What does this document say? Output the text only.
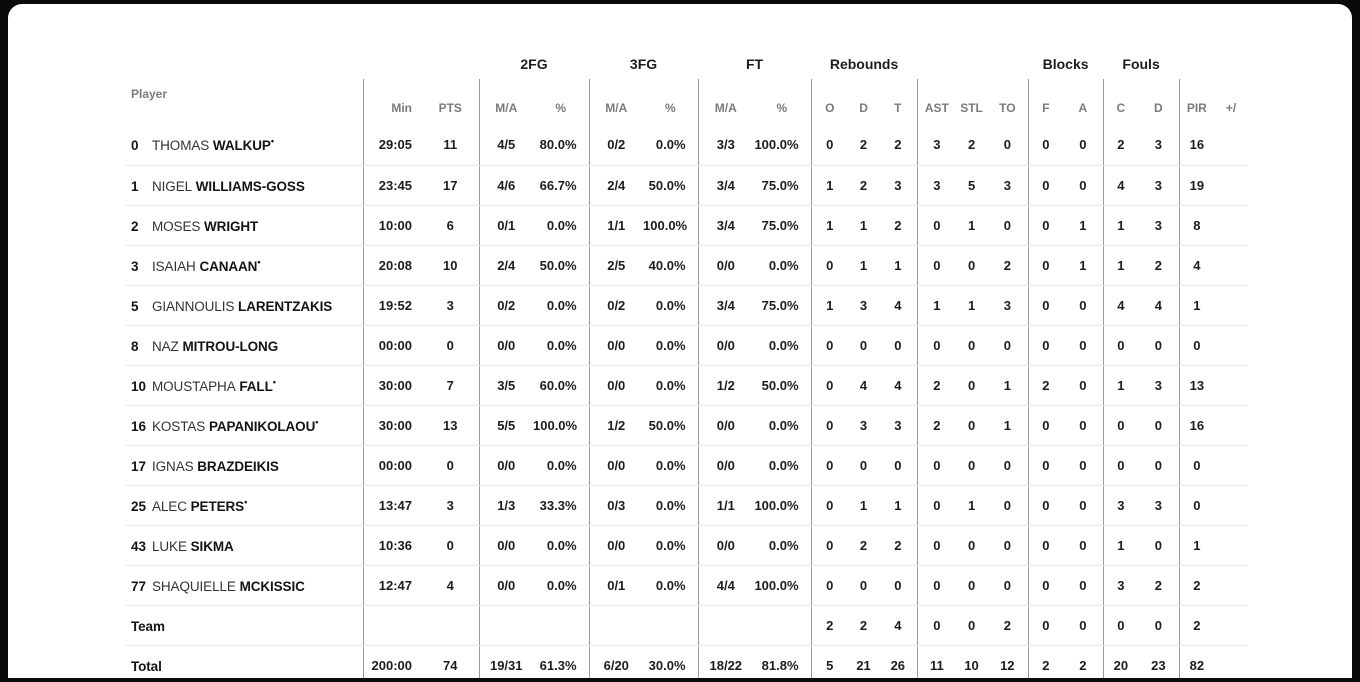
			2FG		3FG		FT		Rebounds						Blocks		Fouls			
Player	Min	PTS	M/A	%	M/A	%	M/A	%	O	D	T	AST	STL	TO	F	A	C	D	PIR	+/
0 THOMAS WALKUP•	29:05	11	4/5	80.0%	0/2	0.0%	3/3	100.0%	0	2	2	3	2	0	0	0	2	3	16	
1 NIGEL WILLIAMS-GOSS	23:45	17	4/6	66.7%	2/4	50.0%	3/4	75.0%	1	2	3	3	5	3	0	0	4	3	19	
2 MOSES WRIGHT	10:00	6	0/1	0.0%	1/1	100.0%	3/4	75.0%	1	1	2	0	1	0	0	1	1	3	8	
3 ISAIAH CANAAN•	20:08	10	2/4	50.0%	2/5	40.0%	0/0	0.0%	0	1	1	0	0	2	0	1	1	2	4	
5 GIANNOULIS LARENTZAKIS	19:52	3	0/2	0.0%	0/2	0.0%	3/4	75.0%	1	3	4	1	1	3	0	0	4	4	1	
8 NAZ MITROU-LONG	00:00	0	0/0	0.0%	0/0	0.0%	0/0	0.0%	0	0	0	0	0	0	0	0	0	0	0	
10 MOUSTAPHA FALL•	30:00	7	3/5	60.0%	0/0	0.0%	1/2	50.0%	0	4	4	2	0	1	2	0	1	3	13	
16 KOSTAS PAPANIKOLAOU•	30:00	13	5/5	100.0%	1/2	50.0%	0/0	0.0%	0	3	3	2	0	1	0	0	0	0	16	
17 IGNAS BRAZDEIKIS	00:00	0	0/0	0.0%	0/0	0.0%	0/0	0.0%	0	0	0	0	0	0	0	0	0	0	0	
25 ALEC PETERS•	13:47	3	1/3	33.3%	0/3	0.0%	1/1	100.0%	0	1	1	0	1	0	0	0	3	3	0	
43 LUKE SIKMA	10:36	0	0/0	0.0%	0/0	0.0%	0/0	0.0%	0	2	2	0	0	0	0	0	1	0	1	
77 SHAQUIELLE MCKISSIC	12:47	4	0/0	0.0%	0/1	0.0%	4/4	100.0%	0	0	0	0	0	0	0	0	3	2	2	
Team									2	2	4	0	0	2	0	0	0	0	2	
Total	200:00	74	19/31	61.3%	6/20	30.0%	18/22	81.8%	5	21	26	11	10	12	2	2	20	23	82	
